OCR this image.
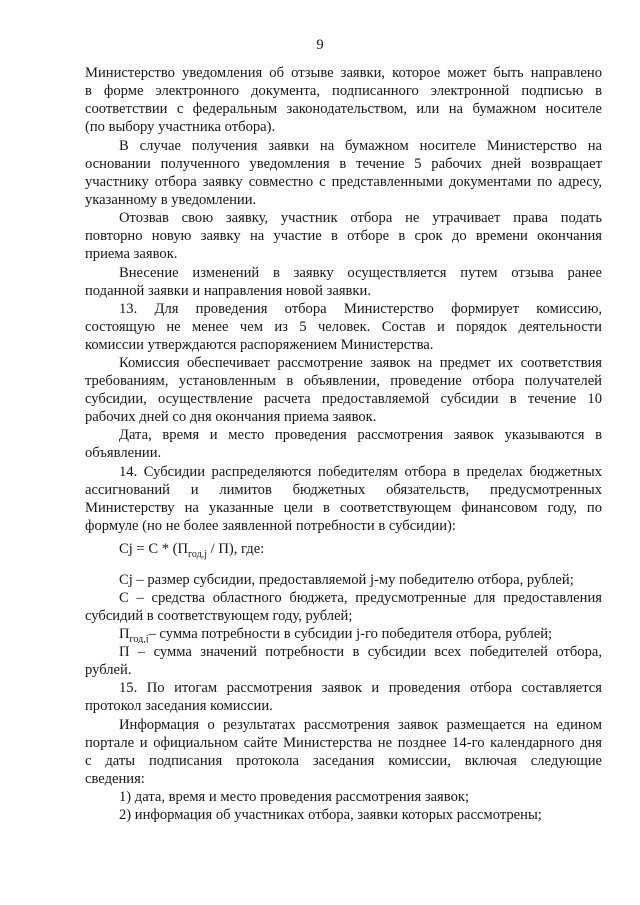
9
Министерство уведомления об отзыве заявки, которое может быть направлено
в форме электронного документа, подписанного электронной подписью в
соответствии с федеральным законодательством, или на бумажном носителе
(по выбору участника отбора).
В случае получения заявки на бумажном носителе Министерство на
основании полученного уведомления в течение 5 рабочих дней возвращает
участнику отбора заявку совместно с представленными документами по адресу,
указанному в уведомлении.
Отозвав свою заявку, участник отбора не утрачивает права подать
повторно новую заявку на участие в отборе в срок до времени окончания
приема заявок.
Внесение изменений в заявку осуществляется путем отзыва ранее
поданной заявки и направления новой заявки.
13. Для проведения отбора Министерство формирует комиссию,
состоящую не менее чем из 5 человек. Состав и порядок деятельности
комиссии утверждаются распоряжением Министерства.
Комиссия обеспечивает рассмотрение заявок на предмет их соответствия
требованиям, установленным в объявлении, проведение отбора получателей
субсидии, осуществление расчета предоставляемой субсидии в течение 10
рабочих дней со дня окончания приема заявок.
Дата, время и место проведения рассмотрения заявок указываются в
объявлении.
14. Субсидии распределяются победителям отбора в пределах бюджетных
ассигнований и лимитов бюджетных обязательств, предусмотренных
Министерству на указанные цели в соответствующем финансовом году, по
формуле (но не более заявленной потребности в субсидии):
$Cj = C * (П_{год,j} / П)$, где:
Cj – размер субсидии, предоставляемой j-му победителю отбора, рублей;
С – средства областного бюджета, предусмотренные для предоставления
субсидий в соответствующем году, рублей;
$П_{год,j}-$ сумма потребности в субсидии j-го победителя отбора, рублей;
П – сумма значений потребности в субсидии всех победителей отбора,
рублей.
15. По итогам рассмотрения заявок и проведения отбора составляется
протокол заседания комиссии.
Информация о результатах рассмотрения заявок размещается на едином
портале и официальном сайте Министерства не позднее 14-го календарного дня
с даты подписания протокола заседания комиссии, включая следующие
сведения:
1) дата, время и место проведения рассмотрения заявок;
2) информация об участниках отбора, заявки которых рассмотрены;
